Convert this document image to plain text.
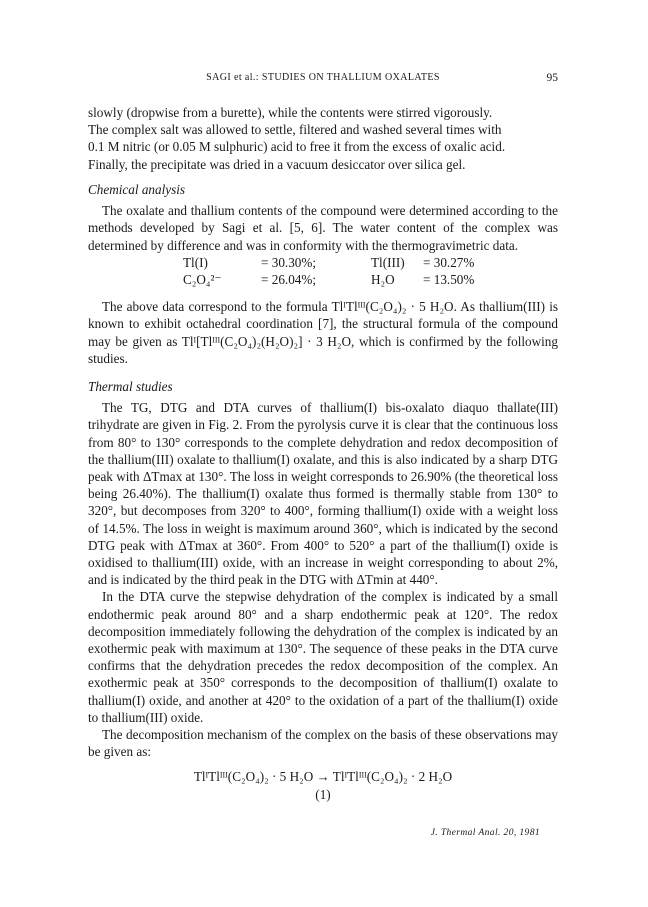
SAGI et al.: STUDIES ON THALLIUM OXALATES	95
slowly (dropwise from a burette), while the contents were stirred vigorously.
The complex salt was allowed to settle, filtered and washed several times with
0.1 M nitric (or 0.05 M sulphuric) acid to free it from the excess of oxalic acid.
Finally, the precipitate was dried in a vacuum desiccator over silica gel.
Chemical analysis

The oxalate and thallium contents of the compound were determined according to the methods developed by Sagi et al. [5, 6]. The water content of the complex was determined by difference and was in conformity with the thermogravimetric data.

Tl(I)	= 30.30%;	Tl(III)	= 30.27%
C₂O₄²⁻	= 26.04%;	H₂O	= 13.50%

The above data correspond to the formula TlᴵTlᴵᴵᴵ(C₂O₄)₂ · 5 H₂O. As thallium(III) is known to exhibit octahedral coordination [7], the structural formula of the compound may be given as Tlᴵ[Tlᴵᴵᴵ(C₂O₄)₂(H₂O)₂] · 3 H₂O, which is confirmed by the following studies.

Thermal studies

The TG, DTG and DTA curves of thallium(I) bis-oxalato diaquo thallate(III) trihydrate are given in Fig. 2. From the pyrolysis curve it is clear that the continuous loss from 80° to 130° corresponds to the complete dehydration and redox decomposition of the thallium(III) oxalate to thallium(I) oxalate, and this is also indicated by a sharp DTG peak with ΔTmax at 130°. The loss in weight corresponds to 26.90% (the theoretical loss being 26.40%). The thallium(I) oxalate thus formed is thermally stable from 130° to 320°, but decomposes from 320° to 400°, forming thallium(I) oxide with a weight loss of 14.5%. The loss in weight is maximum around 360°, which is indicated by the second DTG peak with ΔTmax at 360°. From 400° to 520° a part of the thallium(I) oxide is oxidised to thallium(III) oxide, with an increase in weight corresponding to about 2%, and is indicated by the third peak in the DTG with ΔTmin at 440°.

In the DTA curve the stepwise dehydration of the complex is indicated by a small endothermic peak around 80° and a sharp endothermic peak at 120°. The redox decomposition immediately following the dehydration of the complex is indicated by an exothermic peak with maximum at 130°. The sequence of these peaks in the DTA curve confirms that the dehydration precedes the redox decomposition of the complex. An exothermic peak at 350° corresponds to the decomposition of thallium(I) oxalate to thallium(I) oxide, and another at 420° to the oxidation of a part of the thallium(I) oxide to thallium(III) oxide.

The decomposition mechanism of the complex on the basis of these observations may be given as:

TlᴵTlᴵᴵᴵ(C₂O₄)₂ · 5 H₂O → TlᴵTlᴵᴵᴵ(C₂O₄)₂ · 2 H₂O
(1)
J. Thermal Anal. 20, 1981
